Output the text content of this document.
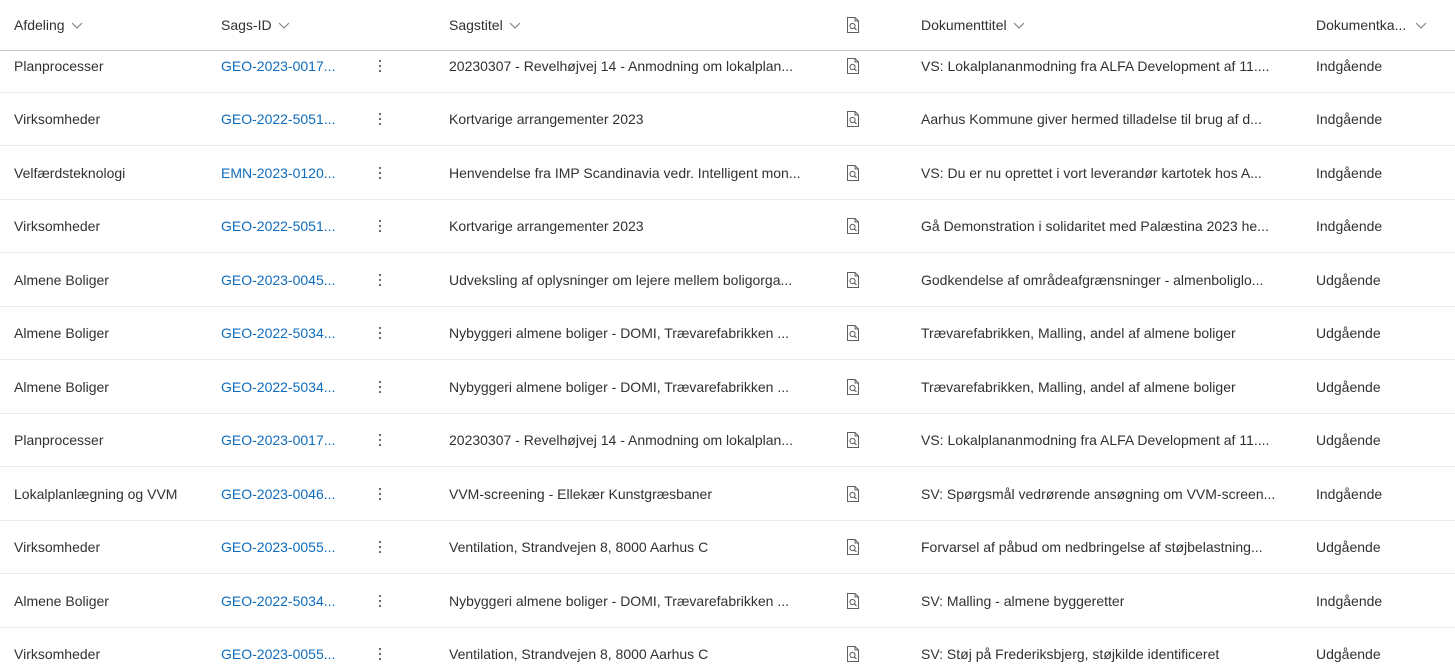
Afdeling	Sags-ID	Sagstitel	Dokumenttitel	Dokumentka...
Planprocesser	GEO-2023-0017...	20230307 - Revelhøjvej 14 - Anmodning om lokalplan...	VS: Lokalplananmodning fra ALFA Development af 11....	Indgående
Virksomheder	GEO-2022-5051...	Kortvarige arrangementer 2023	Aarhus Kommune giver hermed tilladelse til brug af d...	Indgående
Velfærdsteknologi	EMN-2023-0120...	Henvendelse fra IMP Scandinavia vedr. Intelligent mon...	VS: Du er nu oprettet i vort leverandør kartotek hos A...	Indgående
Virksomheder	GEO-2022-5051...	Kortvarige arrangementer 2023	Gå Demonstration i solidaritet med Palæstina 2023 he...	Indgående
Almene Boliger	GEO-2023-0045...	Udveksling af oplysninger om lejere mellem boligorga...	Godkendelse af områdeafgrænsninger - almenboliglo...	Udgående
Almene Boliger	GEO-2022-5034...	Nybyggeri almene boliger - DOMI, Trævarefabrikken ...	Trævarefabrikken, Malling, andel af almene boliger	Udgående
Almene Boliger	GEO-2022-5034...	Nybyggeri almene boliger - DOMI, Trævarefabrikken ...	Trævarefabrikken, Malling, andel af almene boliger	Udgående
Planprocesser	GEO-2023-0017...	20230307 - Revelhøjvej 14 - Anmodning om lokalplan...	VS: Lokalplananmodning fra ALFA Development af 11....	Udgående
Lokalplanlægning og VVM	GEO-2023-0046...	VVM-screening - Ellekær Kunstgræsbaner	SV: Spørgsmål vedrørende ansøgning om VVM-screen...	Indgående
Virksomheder	GEO-2023-0055...	Ventilation, Strandvejen 8, 8000 Aarhus C	Forvarsel af påbud om nedbringelse af støjbelastning...	Udgående
Almene Boliger	GEO-2022-5034...	Nybyggeri almene boliger - DOMI, Trævarefabrikken ...	SV: Malling - almene byggeretter	Indgående
Virksomheder	GEO-2023-0055...	Ventilation, Strandvejen 8, 8000 Aarhus C	SV: Støj på Frederiksbjerg, støjkilde identificeret	Udgående
